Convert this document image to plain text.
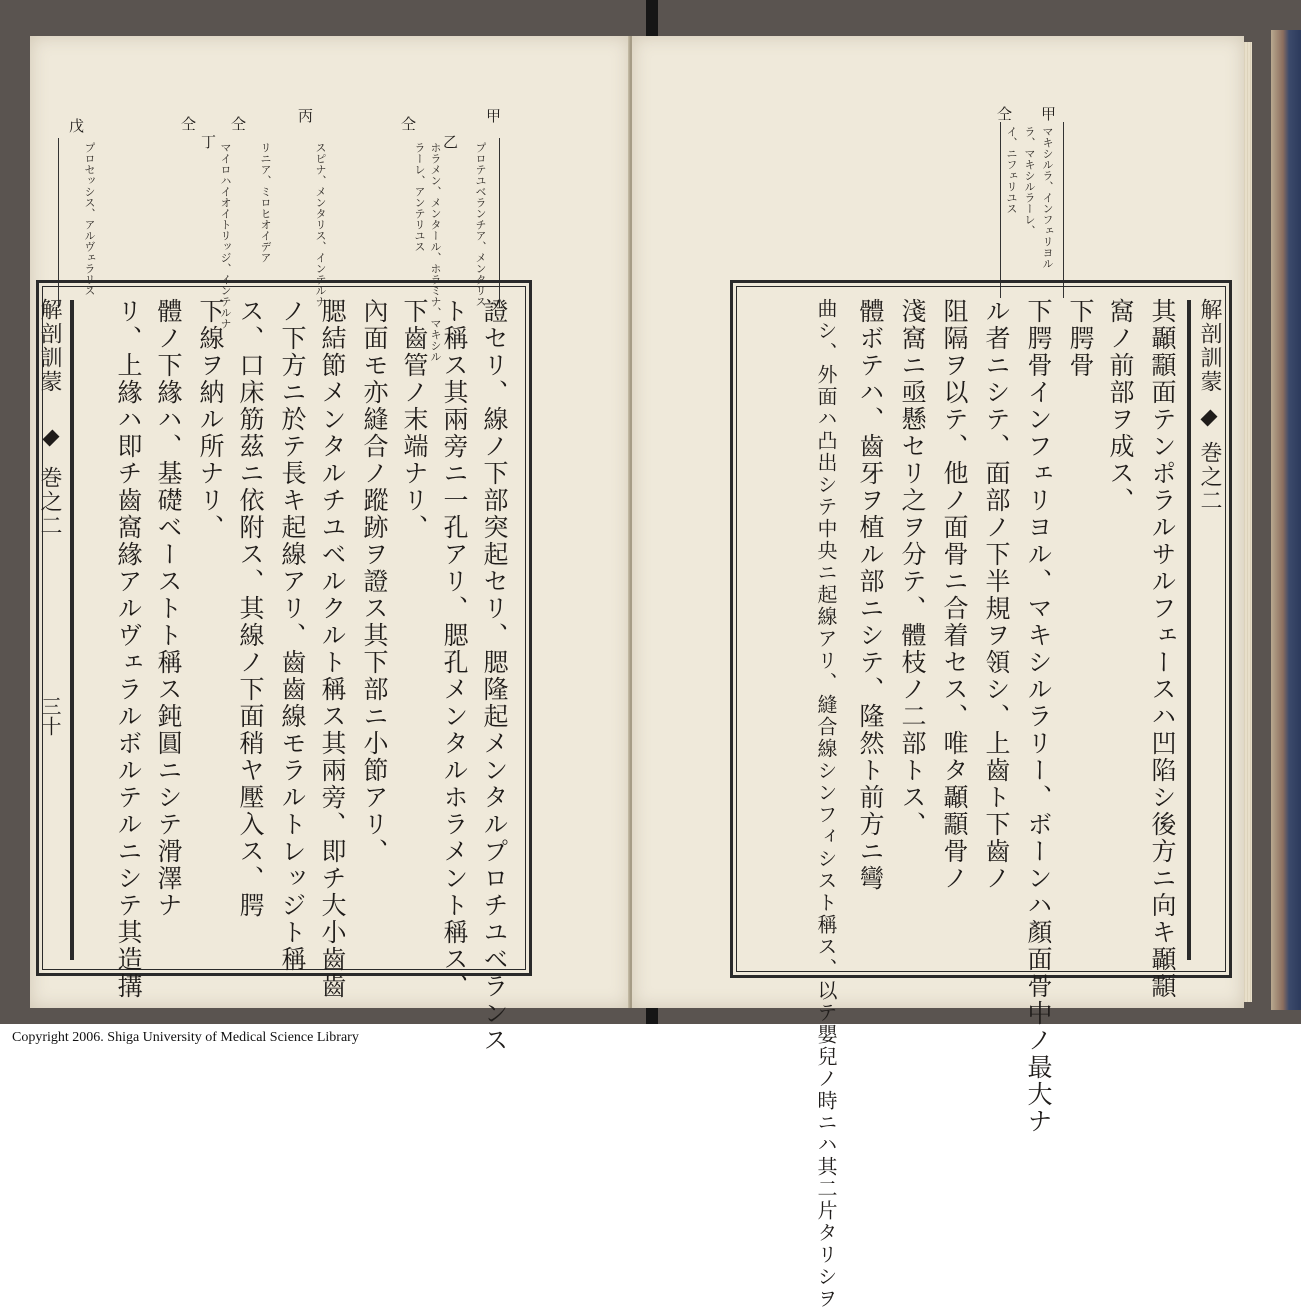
甲
乙
仝
丙
仝
丁
仝
戊
プロテユベランチア、メンタリス
ホラメン、メンタール、ホラミナ、マキシル
ラーレ、アンテリユス
スピナ、メンタリス、インテルナ
リニア、ミロヒオイデア
マイロハイオイトリッジ、インテルナ
プロセッシス、アルヴェラリス
證セリ、線ノ下部突起セリ、腮隆起メンタルプロチユベランス
ト稱ス其兩旁ニ一孔アリ、腮孔メンタルホラメント稱ス、
下齒管ノ末端ナリ、
內面モ亦縫合ノ蹤跡ヲ證ス其下部ニ小節アリ、
腮結節メンタルチユベルクルト稱ス其兩旁、即チ大小齒齒
ノ下方ニ於テ長キ起線アリ、齒齒線モラルトレッジト稱
ス、口床筋茲ニ依附ス、其線ノ下面稍ヤ壓入ス、腭
下線ヲ納ル所ナリ、
體ノ下緣ハ、基礎ベーストト稱ス鈍圓ニシテ滑澤ナ
リ、上緣ハ即チ齒窩緣アルヴェラルボルテルニシテ其造搆
解剖訓蒙
巻之二
三十
甲
仝
マキシルラ、インフェリヨル
ラ、マキシルラーレ、
イ、ニフェリユス
解剖訓蒙
巻之二
其顳顬面テンポラルサルフェースハ凹陷シ後方ニ向キ顳顬
窩ノ前部ヲ成ス、
下腭骨
下腭骨インフェリヨル、マキシルラリー、ボーンハ顏面骨中ノ最大ナ
ル者ニシテ、面部ノ下半規ヲ領シ、上齒ト下齒ノ
阻隔ヲ以テ、他ノ面骨ニ合着セス、唯タ顳顬骨ノ
淺窩ニ亟懸セリ之ヲ分テ、體枝ノ二部トス、
體ボテハ、齒牙ヲ植ル部ニシテ、隆然ト前方ニ彎
曲シ、外面ハ凸出シテ中央ニ起線アリ、縫合線シンフィシスト稱ス、以テ嬰兒ノ時ニハ其二片タリシヲ
Copyright 2006. Shiga University of Medical Science Library
